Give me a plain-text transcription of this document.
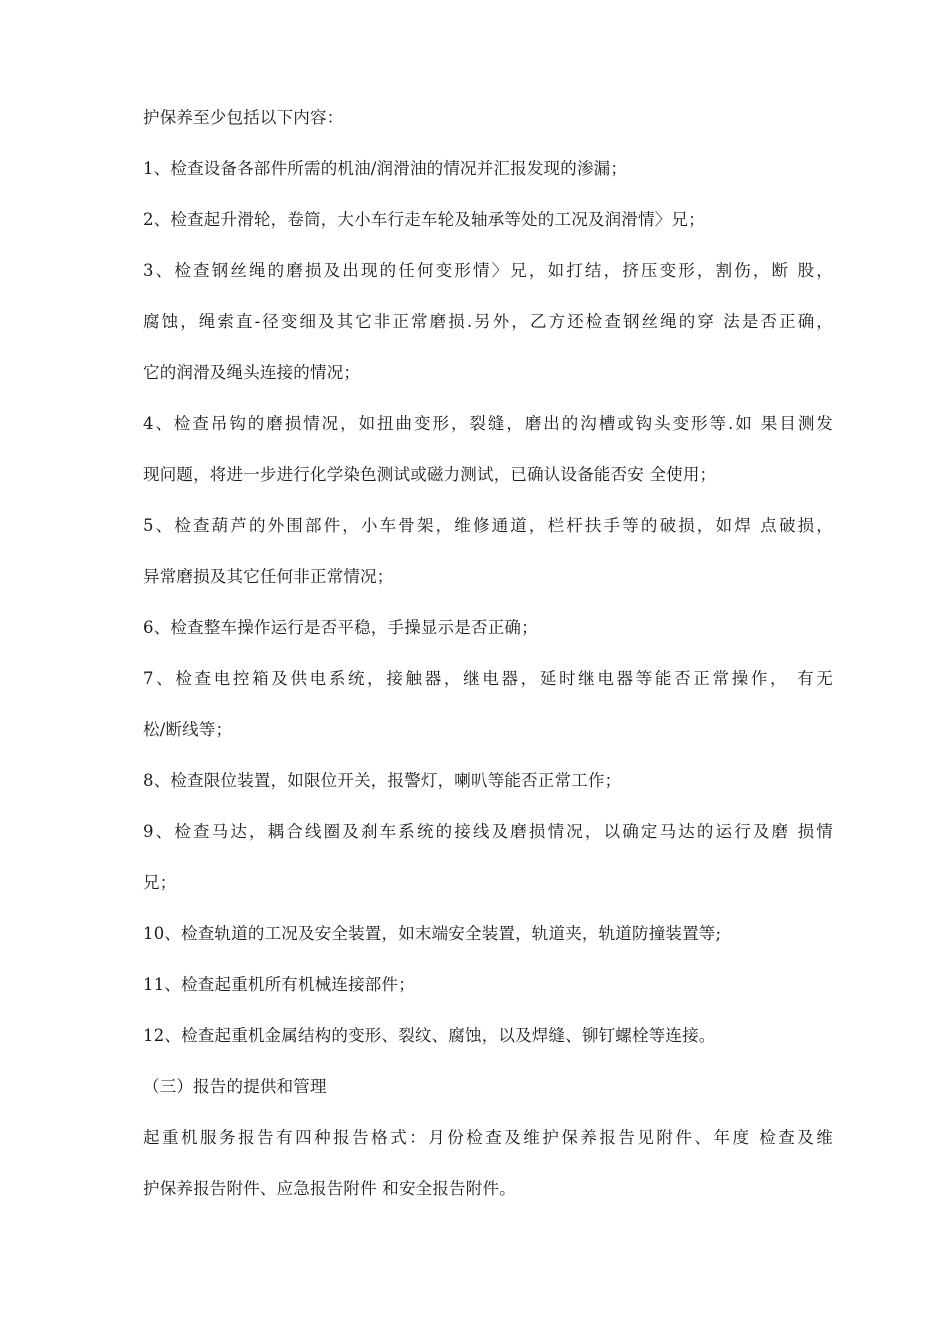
护保养至少包括以下内容：
1、检查设备各部件所需的机油/润滑油的情况并汇报发现的渗漏；
2、检查起升滑轮，卷筒，大小车行走车轮及轴承等处的工况及润滑情〉兄；
3、检查钢丝绳的磨损及出现的任何变形情〉兄，如打结，挤压变形，割伤，断 股，
腐蚀，绳索直-径变细及其它非正常磨损.另外，乙方还检查钢丝绳的穿 法是否正确，
它的润滑及绳头连接的情况；
4、检查吊钩的磨损情况，如扭曲变形，裂缝，磨出的沟槽或钩头变形等.如 果目测发
现问题，将进一步进行化学染色测试或磁力测试，已确认设备能否安 全使用；
5、检查葫芦的外围部件，小车骨架，维修通道，栏杆扶手等的破损，如焊 点破损，
异常磨损及其它任何非正常情况；
6、检查整车操作运行是否平稳，手操显示是否正确；
7、检查电控箱及供电系统，接触器，继电器，延时继电器等能否正常操作， 有无
松/断线等；
8、检查限位装置，如限位开关，报警灯，喇叭等能否正常工作；
9、检查马达，耦合线圈及刹车系统的接线及磨损情况，以确定马达的运行及磨 损情
兄；
10、检查轨道的工况及安全装置，如末端安全装置，轨道夹，轨道防撞装置等;
11、检查起重机所有机械连接部件；
12、检查起重机金属结构的变形、裂纹、腐蚀，以及焊缝、铆钉螺栓等连接。
（三）报告的提供和管理
起重机服务报告有四种报告格式：月份检查及维护保养报告见附件、年度 检查及维
护保养报告附件、应急报告附件 和安全报告附件。
